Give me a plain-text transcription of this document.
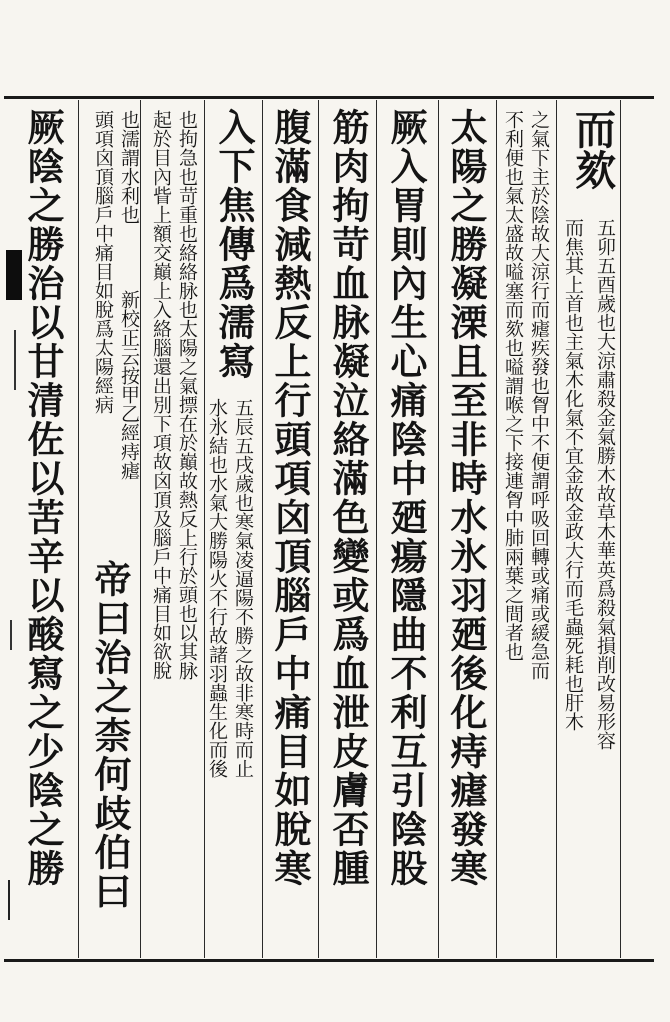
而欬
五卯五酉歲也大涼肅殺金氣勝木故草木華英爲殺氣損削改易形容
而焦其上首也主氣木化氣不宜金故金政大行而毛蟲死耗也肝木
之氣下主於陰故大涼行而瘧疾發也胷中不便謂呼吸回轉或痛或緩急而
不利便也氣太盛故嗌塞而欬也嗌謂喉之下接連胷中肺兩葉之間者也
太陽之勝凝溧且至非時水氷羽廼後化痔瘧發寒
厥入胃則內生心痛陰中廼瘍隱曲不利互引陰股
筋肉拘苛血脉凝泣絡滿色變或爲血泄皮膚否腫
腹滿食減熱反上行頭項囟頂腦戶中痛目如脫寒
入下焦傳爲濡寫
五辰五戌歲也寒氣凌逼陽不勝之故非寒時而止
水氷結也水氣大勝陽火不行故諸羽蟲生化而後
也拘急也苛重也絡絡脉也太陽之氣摽在於巔故熱反上行於頭也以其脉
起於目內眥上額交巔上入絡腦還出別下項故囟頂及腦戶中痛目如欲脫
也濡謂水利也
頭項囟頂腦戶中痛目如脫爲太陽經病 新校正云按甲乙經痔瘧
帝曰治之柰何歧伯曰
厥陰之勝治以甘清佐以苦辛以酸寫之少陰之勝
